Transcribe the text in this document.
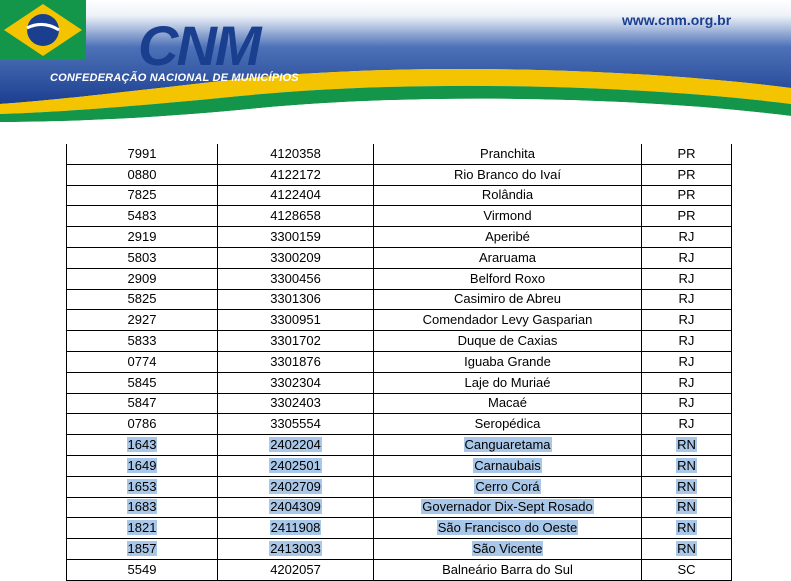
CNM
CONFEDERAÇÃO NACIONAL DE MUNICÍPIOS
www.cnm.org.br
7991	4120358	Pranchita	PR
0880	4122172	Rio Branco do Ivaí	PR
7825	4122404	Rolândia	PR
5483	4128658	Virmond	PR
2919	3300159	Aperibé	RJ
5803	3300209	Araruama	RJ
2909	3300456	Belford Roxo	RJ
5825	3301306	Casimiro de Abreu	RJ
2927	3300951	Comendador Levy Gasparian	RJ
5833	3301702	Duque de Caxias	RJ
0774	3301876	Iguaba Grande	RJ
5845	3302304	Laje do Muriaé	RJ
5847	3302403	Macaé	RJ
0786	3305554	Seropédica	RJ
1643	2402204	Canguaretama	RN
1649	2402501	Carnaubais	RN
1653	2402709	Cerro Corá	RN
1683	2404309	Governador Dix-Sept Rosado	RN
1821	2411908	São Francisco do Oeste	RN
1857	2413003	São Vicente	RN
5549	4202057	Balneário Barra do Sul	SC
